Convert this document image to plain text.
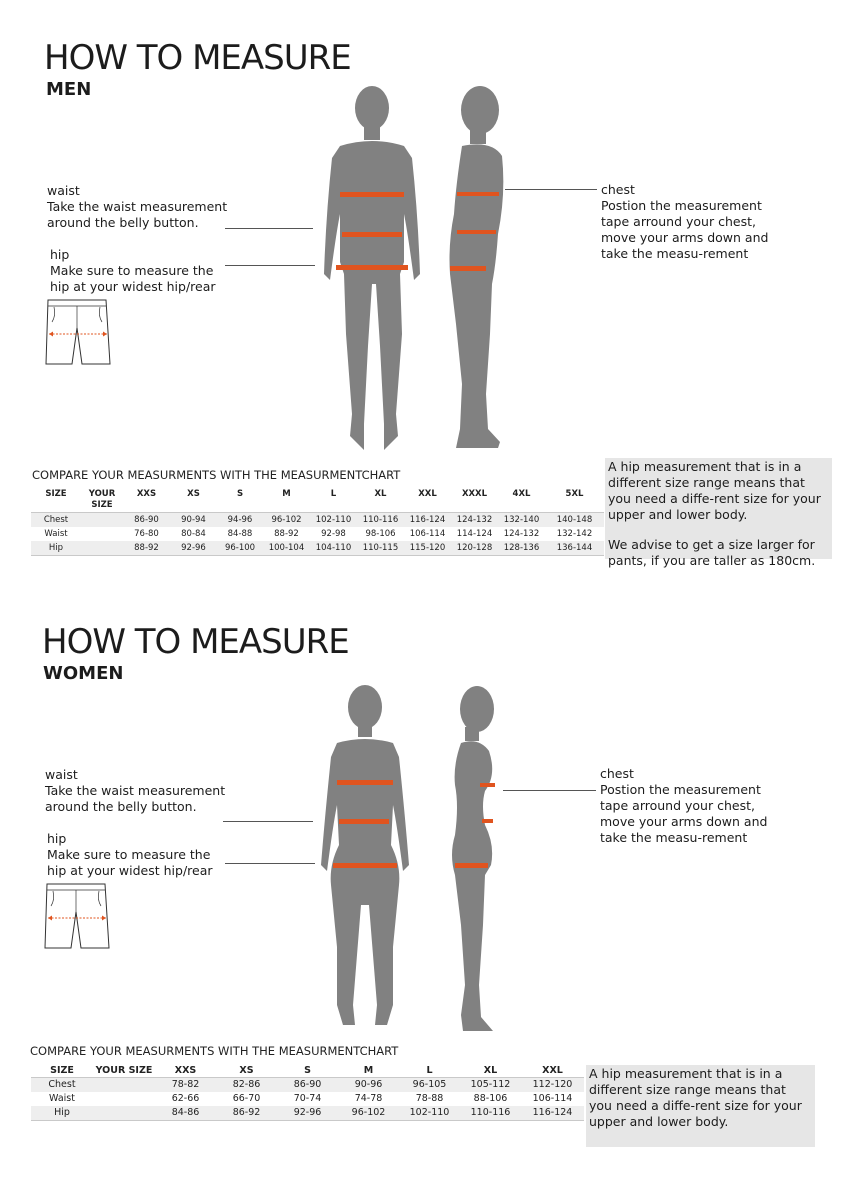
HOW TO MEASURE
MEN
waist
Take the waist measurement around the belly button.
hip
Make sure to measure the hip at your widest hip/rear
chest
Postion the measurement tape arround your chest, move your arms down and take the measu-rement
COMPARE YOUR MEASURMENTS WITH THE MEASURMENTCHART
SIZE	YOUR SIZE	XXS	XS	S	M	L	XL	XXL	XXXL	4XL	5XL
Chest		86-90	90-94	94-96	96-102	102-110	110-116	116-124	124-132	132-140	140-148
Waist		76-80	80-84	84-88	88-92	92-98	98-106	106-114	114-124	124-132	132-142
Hip		88-92	92-96	96-100	100-104	104-110	110-115	115-120	120-128	128-136	136-144

A hip measurement that is in a different size range means that you need a diffe-rent size for your upper and lower body.

We advise to get a size larger for pants, if you are taller as 180cm.

HOW TO MEASURE
WOMEN
waist
Take the waist measurement around the belly button.
hip
Make sure to measure the hip at your widest hip/rear
chest
Postion the measurement tape arround your chest, move your arms down and take the measu-rement
COMPARE YOUR MEASURMENTS WITH THE MEASURMENTCHART
SIZE	YOUR SIZE	XXS	XS	S	M	L	XL	XXL
Chest		78-82	82-86	86-90	90-96	96-105	105-112	112-120
Waist		62-66	66-70	70-74	74-78	78-88	88-106	106-114
Hip		84-86	86-92	92-96	96-102	102-110	110-116	116-124

A hip measurement that is in a different size range means that you need a diffe-rent size for your upper and lower body.
